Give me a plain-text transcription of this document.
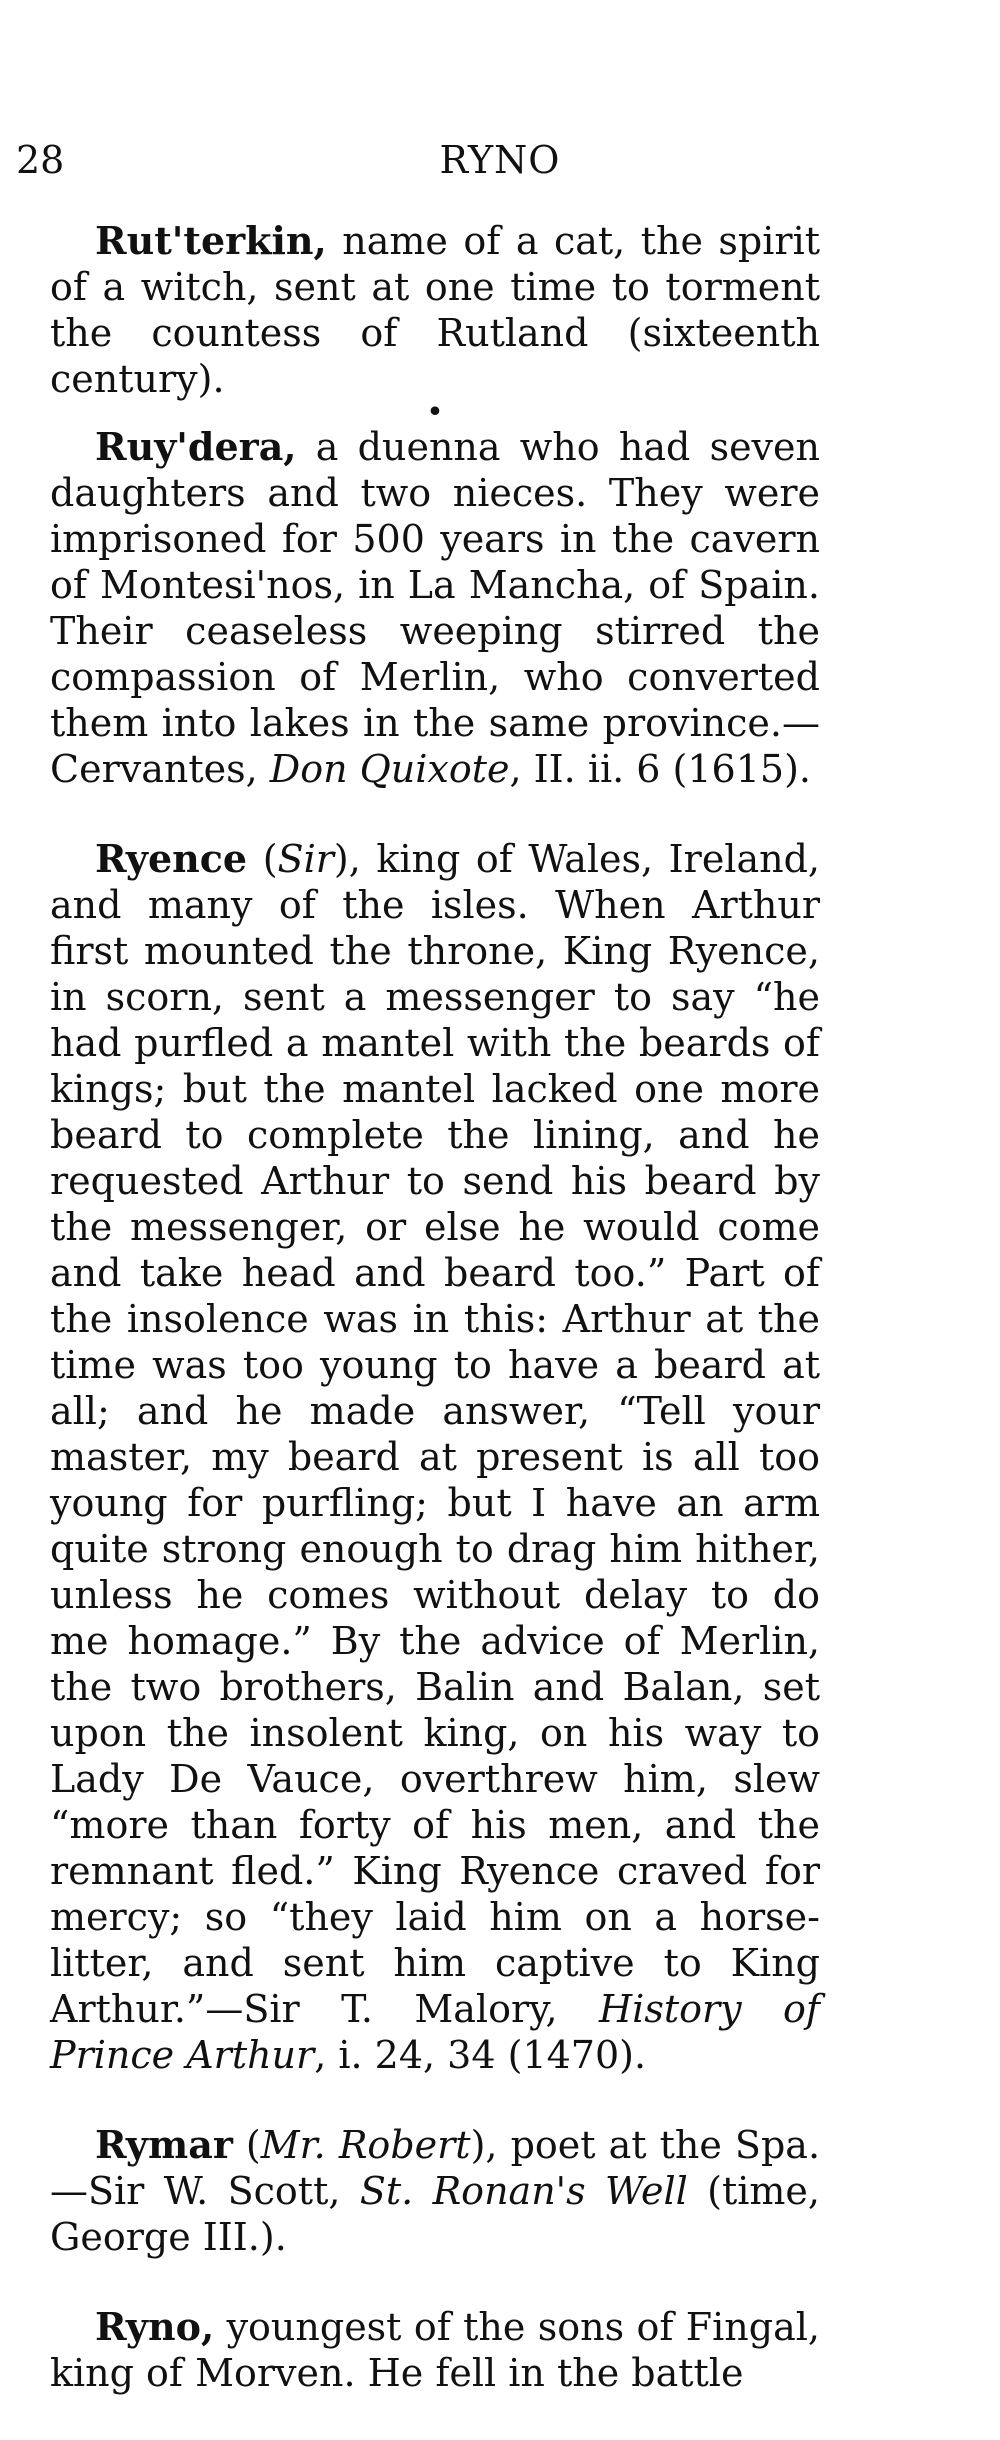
28	RYNO

Rut'terkin, name of a cat, the spirit of a witch, sent at one time to torment the countess of Rutland (sixteenth century).

•

Ruy'dera, a duenna who had seven daughters and two nieces. They were imprisoned for 500 years in the cavern of Montesi'nos, in La Mancha, of Spain. Their ceaseless weeping stirred the compassion of Merlin, who converted them into lakes in the same province.—Cervantes, Don Quixote, II. ii. 6 (1615).

Ryence (Sir), king of Wales, Ireland, and many of the isles. When Arthur first mounted the throne, King Ryence, in scorn, sent a messenger to say “he had purfled a mantel with the beards of kings; but the mantel lacked one more beard to complete the lining, and he requested Arthur to send his beard by the messenger, or else he would come and take head and beard too.” Part of the insolence was in this: Arthur at the time was too young to have a beard at all; and he made answer, “Tell your master, my beard at present is all too young for purfling; but I have an arm quite strong enough to drag him hither, unless he comes without delay to do me homage.” By the advice of Merlin, the two brothers, Balin and Balan, set upon the insolent king, on his way to Lady De Vauce, overthrew him, slew “more than forty of his men, and the remnant fled.” King Ryence craved for mercy; so “they laid him on a horse-litter, and sent him captive to King Arthur.”—Sir T. Malory, History of Prince Arthur, i. 24, 34 (1470).

Rymar (Mr. Robert), poet at the Spa. —Sir W. Scott, St. Ronan's Well (time, George III.).

Ryno, youngest of the sons of Fingal, king of Morven. He fell in the battle
